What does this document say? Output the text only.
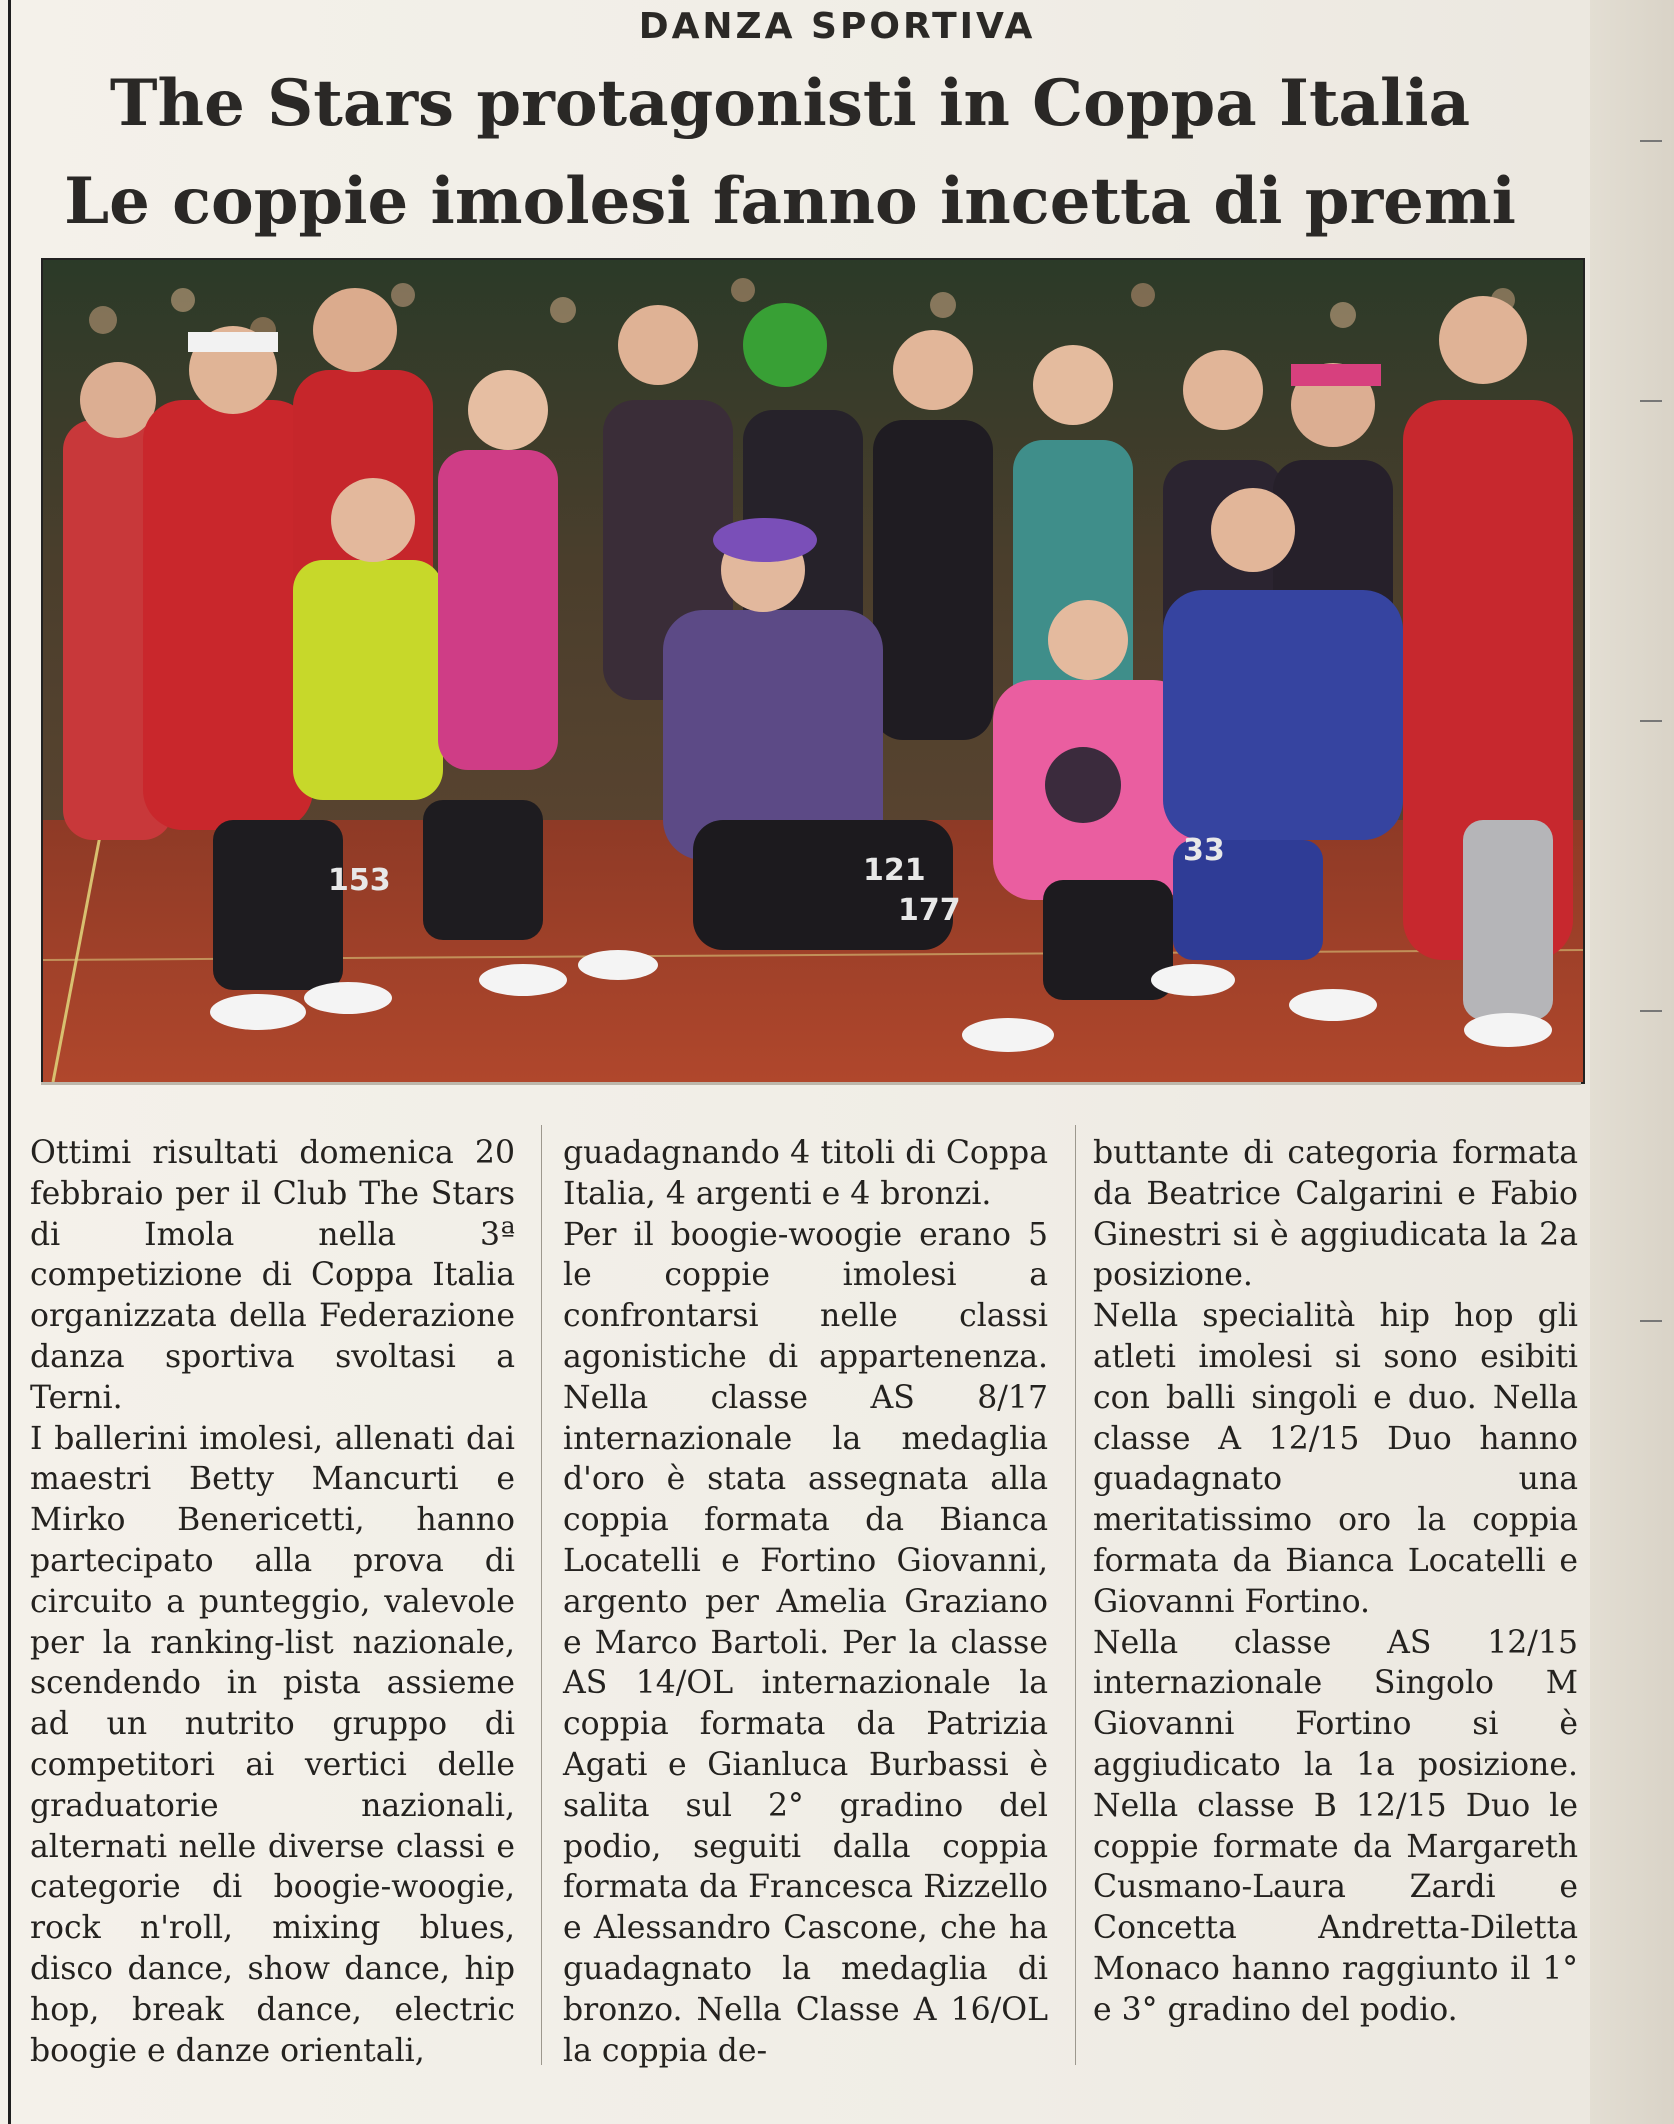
DANZA SPORTIVA
The Stars protagonisti in Coppa Italia
Le coppie imolesi fanno incetta di premi
153	121
177
33

Ottimi risultati domenica 20 febbraio per il Club The Stars di Imola nella 3ª competizione di Coppa Italia organizzata della Federazione danza sportiva svoltasi a Terni.

I ballerini imolesi, allenati dai maestri Betty Mancurti e Mirko Benericetti, hanno partecipato alla prova di circuito a punteggio, valevole per la ranking-list nazionale, scendendo in pista assieme ad un nutrito gruppo di competitori ai vertici delle graduatorie nazionali, alternati nelle diverse classi e categorie di boogie-woogie, rock n'roll, mixing blues, disco dance, show dance, hip hop, break dance, electric boogie e danze orientali,

guadagnando 4 titoli di Coppa Italia, 4 argenti e 4 bronzi.

Per il boogie-woogie erano 5 le coppie imolesi a confrontarsi nelle classi agonistiche di appartenenza. Nella classe AS 8/17 internazionale la medaglia d'oro è stata assegnata alla coppia formata da Bianca Locatelli e Fortino Giovanni, argento per Amelia Graziano e Marco Bartoli. Per la classe AS 14/OL internazionale la coppia formata da Patrizia Agati e Gianluca Burbassi è salita sul 2° gradino del podio, seguiti dalla coppia formata da Francesca Rizzello e Alessandro Cascone, che ha guadagnato la medaglia di bronzo. Nella Classe A 16/OL la coppia de-

buttante di categoria formata da Beatrice Calgarini e Fabio Ginestri si è aggiudicata la 2a posizione.

Nella specialità hip hop gli atleti imolesi si sono esibiti con balli singoli e duo. Nella classe A 12/15 Duo hanno guadagnato una meritatissimo oro la coppia formata da Bianca Locatelli e Giovanni Fortino.

Nella classe AS 12/15 internazionale Singolo M Giovanni Fortino si è aggiudicato la 1a posizione. Nella classe B 12/15 Duo le coppie formate da Margareth Cusmano-Laura Zardi e Concetta Andretta-Diletta Monaco hanno raggiunto il 1° e 3° gradino del podio.
